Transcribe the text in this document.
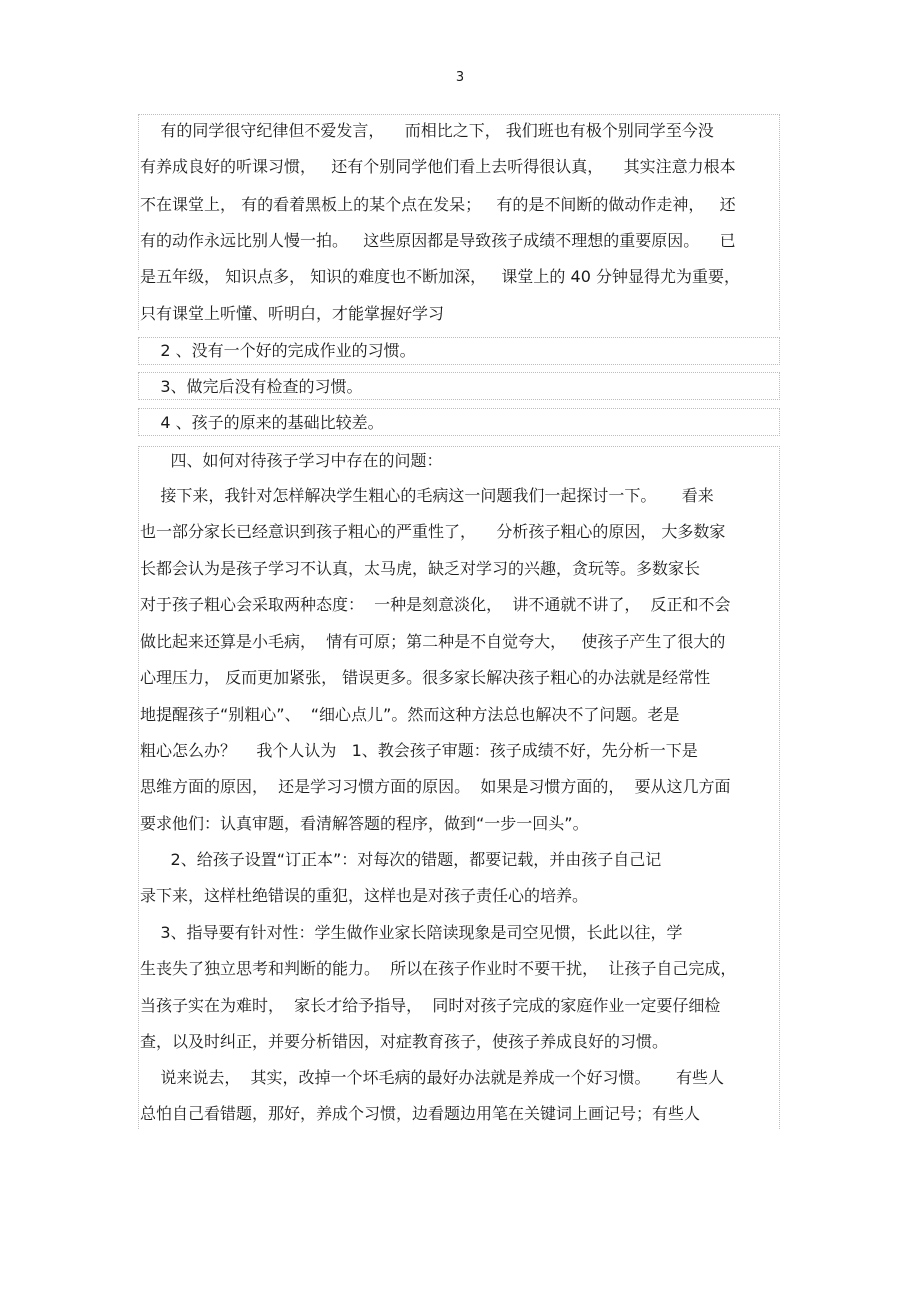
3
有的同学很守纪律但不爱发言，    而相比之下， 我们班也有极个别同学至今没
有养成良好的听课习惯，   还有个别同学他们看上去听得很认真，    其实注意力根本
不在课堂上， 有的看着黑板上的某个点在发呆；   有的是不间断的做动作走神，   还
有的动作永远比别人慢一拍。   这些原因都是导致孩子成绩不理想的重要原因。    已
是五年级， 知识点多， 知识的难度也不断加深，   课堂上的 40 分钟显得尤为重要，
只有课堂上听懂、听明白，才能掌握好学习
2 、没有一个好的完成作业的习惯。
3、做完后没有检查的习惯。
4 、孩子的原来的基础比较差。
四、如何对待孩子学习中存在的问题：
接下来，我针对怎样解决学生粗心的毛病这一问题我们一起探讨一下。     看来
也一部分家长已经意识到孩子粗心的严重性了，    分析孩子粗心的原因， 大多数家
长都会认为是孩子学习不认真，太马虎，缺乏对学习的兴趣，贪玩等。多数家长
对于孩子粗心会采取两种态度：  一种是刻意淡化，  讲不通就不讲了，  反正和不会
做比起来还算是小毛病，  情有可原；第二种是不自觉夸大，   使孩子产生了很大的
心理压力， 反而更加紧张， 错误更多。很多家长解决孩子粗心的办法就是经常性
地提醒孩子“别粗心”、  “细心点儿”。然而这种方法总也解决不了问题。老是
粗心怎么办？    我个人认为   1、教会孩子审题：孩子成绩不好，先分析一下是
思维方面的原因，  还是学习习惯方面的原因。  如果是习惯方面的，  要从这几方面
要求他们：认真审题，看清解答题的程序，做到“一步一回头”。
2、给孩子设置“订正本”：对每次的错题，都要记载，并由孩子自己记
录下来，这样杜绝错误的重犯，这样也是对孩子责任心的培养。
3、指导要有针对性：学生做作业家长陪读现象是司空见惯，长此以往，学
生丧失了独立思考和判断的能力。  所以在孩子作业时不要干扰，  让孩子自己完成，
当孩子实在为难时，  家长才给予指导，  同时对孩子完成的家庭作业一定要仔细检
查，以及时纠正，并要分析错因，对症教育孩子，使孩子养成良好的习惯。
说来说去，  其实，改掉一个坏毛病的最好办法就是养成一个好习惯。     有些人
总怕自己看错题，那好，养成个习惯，边看题边用笔在关键词上画记号；有些人
